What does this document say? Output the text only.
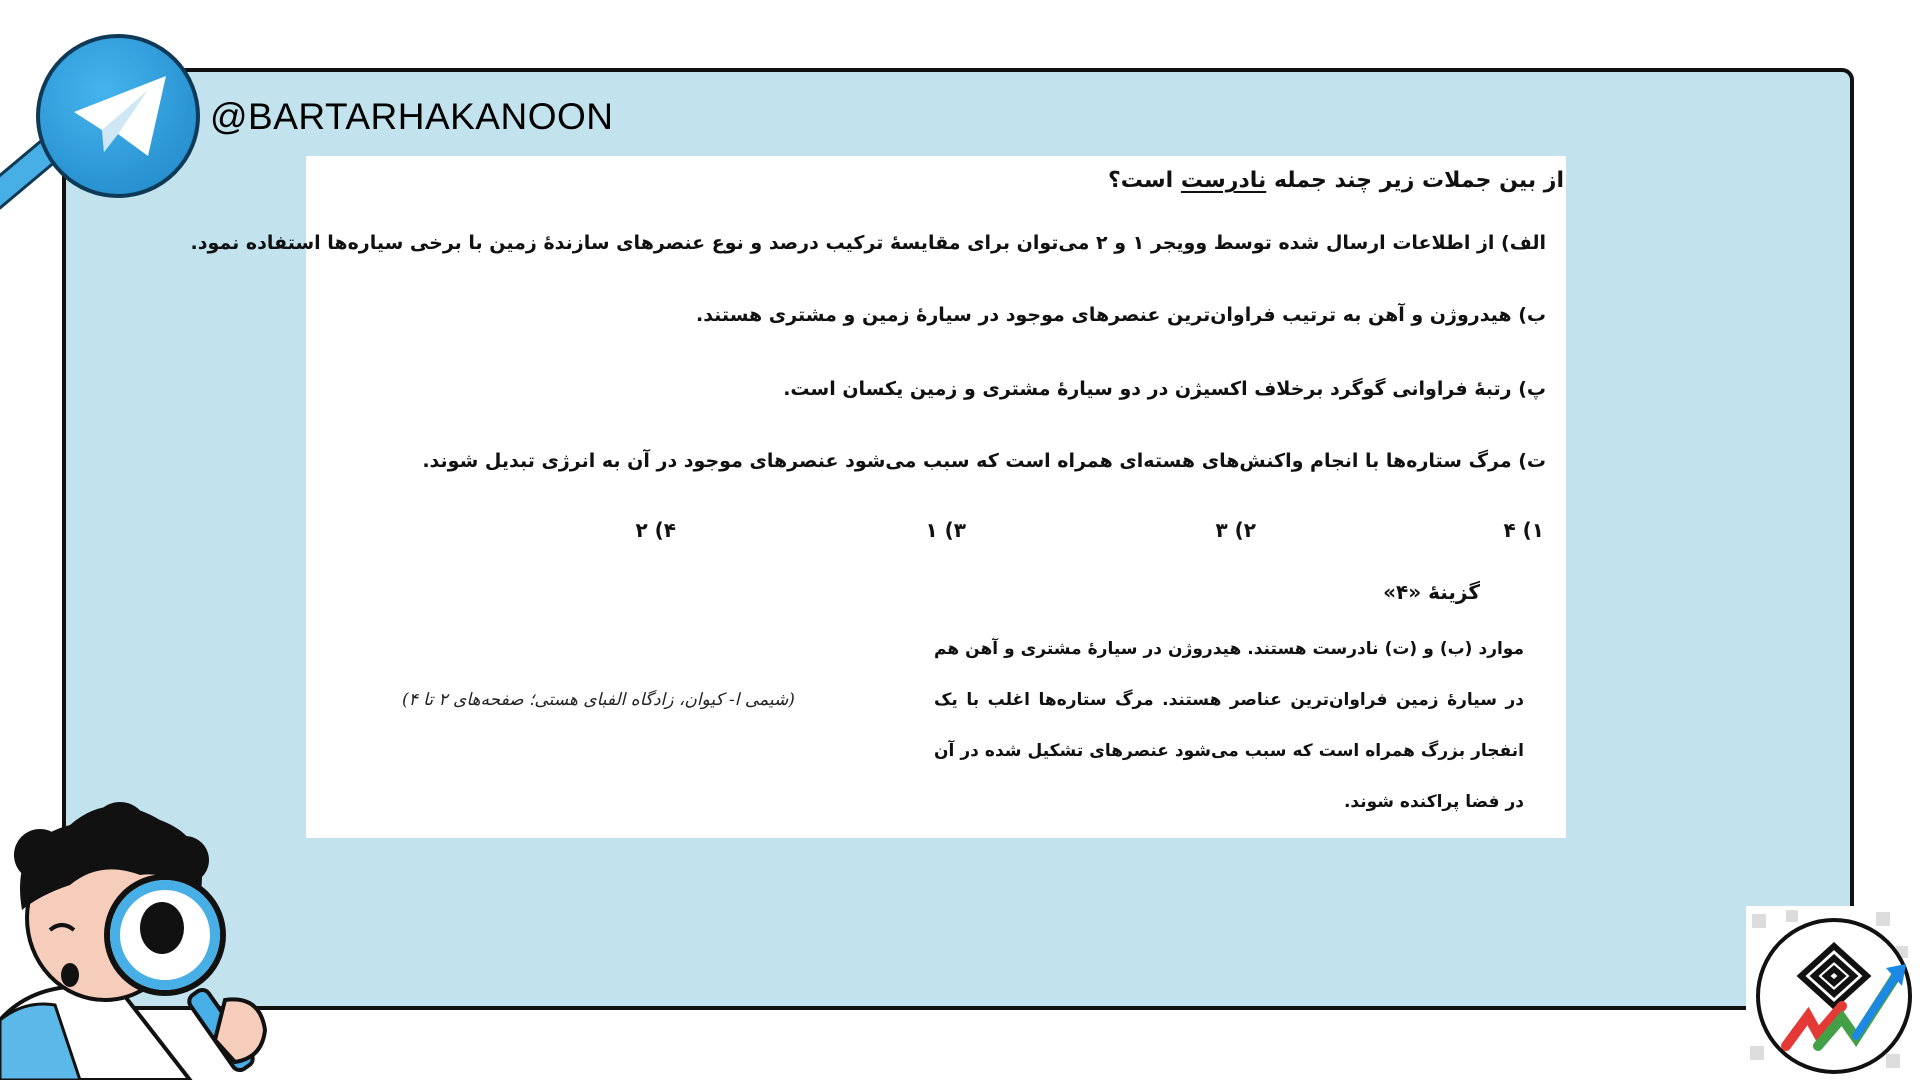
@BARTARHAKANOON
از بین جملات زیر چند جمله نادرست است؟
الف) از اطلاعات ارسال شده توسط وویجر ۱ و ۲ می‌توان برای مقایسهٔ ترکیب درصد و نوع عنصرهای سازندهٔ زمین با برخی سیاره‌ها استفاده نمود.
ب) هیدروژن و آهن به ترتیب فراوان‌ترین عنصرهای موجود در سیارهٔ زمین و مشتری هستند.
پ) رتبهٔ فراوانی گوگرد برخلاف اکسیژن در دو سیارهٔ مشتری و زمین یکسان است.
ت) مرگ ستاره‌ها با انجام واکنش‌های هسته‌ای همراه است که سبب می‌شود عنصرهای موجود در آن به انرژی تبدیل شوند.
۱) ۴
۲) ۳
۳) ۱
۴) ۲
گزینهٔ «۴»
موارد (ب) و (ت) نادرست هستند. هیدروژن در سیارهٔ مشتری و آهن هم در سیارهٔ زمین فراوان‌ترین عناصر هستند. مرگ ستاره‌ها اغلب با یک انفجار بزرگ همراه است که سبب می‌شود عنصرهای تشکیل شده در آن در فضا پراکنده شوند.
(شیمی ا- کیوان، زادگاه الفبای هستی؛ صفحه‌های ۲ تا ۴)
